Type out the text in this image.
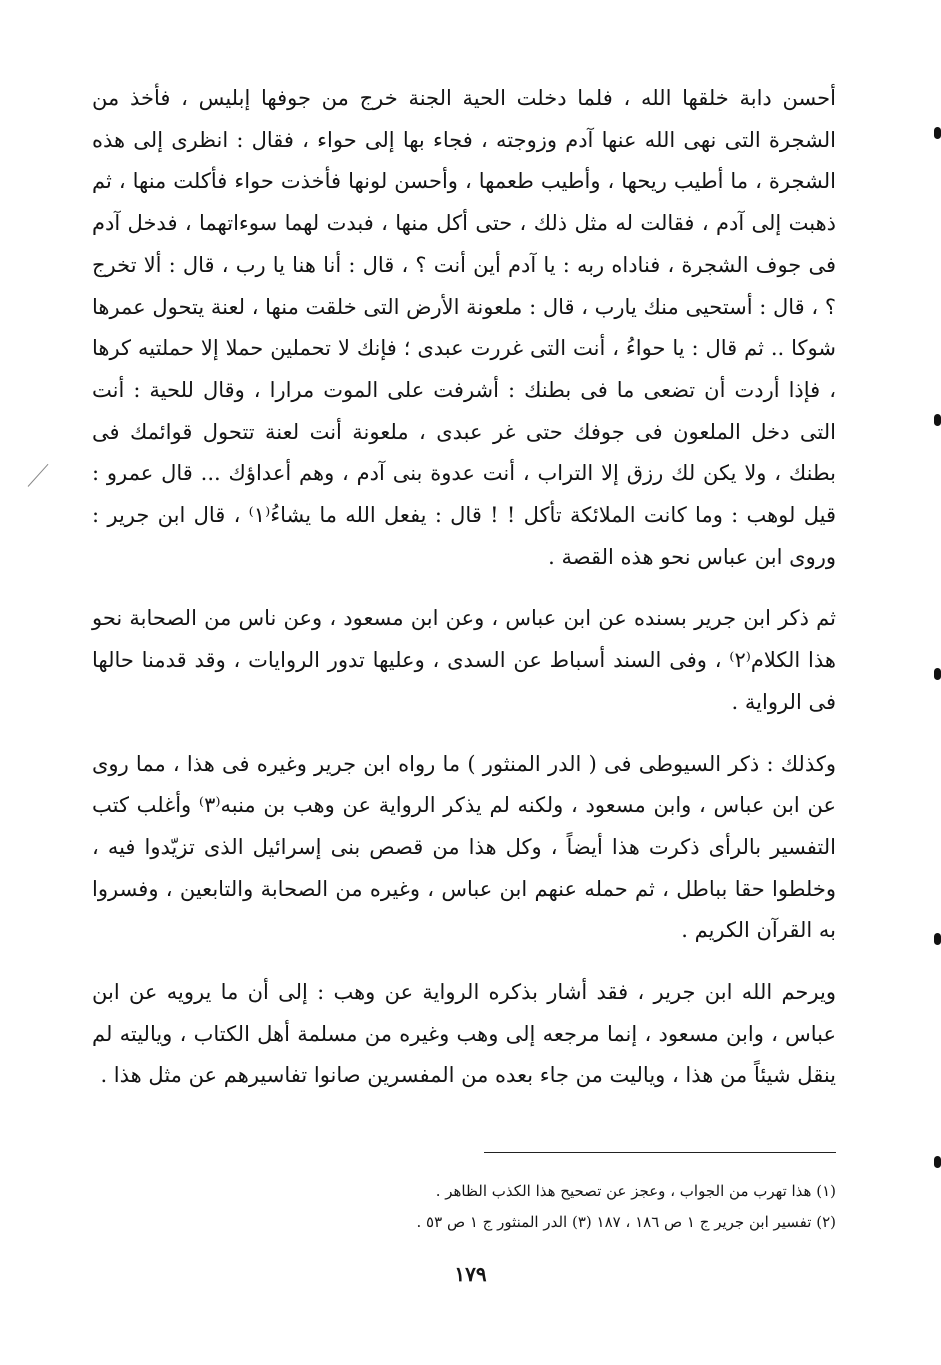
أحسن دابة خلقها الله ، فلما دخلت الحية الجنة خرج من جوفها إبليس ، فأخذ من الشجرة التى نهى الله عنها آدم وزوجته ، فجاء بها إلى حواء ، فقال : انظرى إلى هذه الشجرة ، ما أطيب ريحها ، وأطيب طعمها ، وأحسن لونها فأخذت حواء فأكلت منها ، ثم ذهبت إلى آدم ، فقالت له مثل ذلك ، حتى أكل منها ، فبدت لهما سوءاتهما ، فدخل آدم فى جوف الشجرة ، فناداه ربه : يا آدم أين أنت ؟ ، قال : أنا هنا يا رب ، قال : ألا تخرج ؟ ، قال : أستحيى منك يارب ، قال : ملعونة الأرض التى خلقت منها ، لعنة يتحول عمرها شوكا .. ثم قال : يا حواءُ ، أنت التى غررت عبدى ؛ فإنك لا تحملين حملا إلا حملتيه كرها ، فإذا أردت أن تضعى ما فى بطنك : أشرفت على الموت مرارا ، وقال للحية : أنت التى دخل الملعون فى جوفك حتى غر عبدى ، ملعونة أنت لعنة تتحول قوائمك فى بطنك ، ولا يكن لك رزق إلا التراب ، أنت عدوة بنى آدم ، وهم أعداؤك ... قال عمرو : قيل لوهب : وما كانت الملائكة تأكل ! ! قال : يفعل الله ما يشاءُ⁽١⁾ ، قال ابن جرير : وروى ابن عباس نحو هذه القصة .

ثم ذكر ابن جرير بسنده عن ابن عباس ، وعن ابن مسعود ، وعن ناس من الصحابة نحو هذا الكلام⁽٢⁾ ، وفى السند أسباط عن السدى ، وعليها تدور الروايات ، وقد قدمنا حالها فى الرواية .

وكذلك : ذكر السيوطى فى ( الدر المنثور ) ما رواه ابن جرير وغيره فى هذا ، مما روى عن ابن عباس ، وابن مسعود ، ولكنه لم يذكر الرواية عن وهب بن منبه⁽٣⁾ وأغلب كتب التفسير بالرأى ذكرت هذا أيضاً ، وكل هذا من قصص بنى إسرائيل الذى تزيّدوا فيه ، وخلطوا حقا بباطل ، ثم حمله عنهم ابن عباس ، وغيره من الصحابة والتابعين ، وفسروا به القرآن الكريم .

ويرحم الله ابن جرير ، فقد أشار بذكره الرواية عن وهب : إلى أن ما يرويه عن ابن عباس ، وابن مسعود ، إنما مرجعه إلى وهب وغيره من مسلمة أهل الكتاب ، وياليته لم ينقل شيئاً من هذا ، وياليت من جاء بعده من المفسرين صانوا تفاسيرهم عن مثل هذا .

(١) هذا تهرب من الجواب ، وعجز عن تصحيح هذا الكذب الظاهر .

(٢) تفسير ابن جرير ج ١ ص ١٨٦ ، ١٨٧ (٣) الدر المنثور ج ١ ص ٥٣ .

١٧٩
